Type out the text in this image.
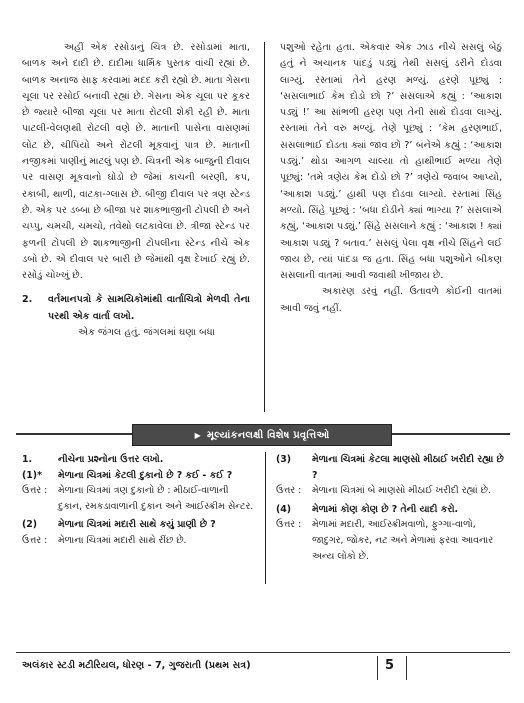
અહીં એક રસોડાનું ચિત્ર છે. રસોડામાં માતા, બાળક અને દાદી છે. દાદીમા ધાર્મિક પુસ્તક વાંચી રહ્યાં છે. બાળક અનાજ સાફ કરવામાં મદદ કરી રહ્યો છે. માતા ગેસના ચૂલા પર રસોઈ બનાવી રહ્યાં છે. ગેસના એક ચૂલા પર કૂકર છે જ્યારે બીજા ચૂલા પર માતા રોટલી શેકી રહી છે. માતા પાટલી-વેલણથી રોટલી વણે છે. માતાની પાસેના વાસણમાં લોટ છે, ચીપિયો અને રોટલી મૂકવાનું પાત્ર છે. માતાની નજીકમાં પાણીનું માટલું પણ છે. ચિત્રની એક બાજુની દીવાલ પર વાસણ મૂકવાનો ઘોડો છે જેમાં કાચની બરણી, કપ, રકાબી, થાળી, વાટકા-ગ્લાસ છે. બીજી દીવાલ પર ત્રણ સ્ટેન્ડ છે. એક પર ડબ્બા છે બીજા પર શાકભાજીની ટોપલી છે અને ચપ્પુ, ચમચી, ચમચો, તવેથો લટકાવેલા છે. ત્રીજા સ્ટેન્ડ પર ફળની ટોપલી છે શાકભાજીની ટોપલીના સ્ટેન્ડ નીચે એક ડબો છે. એ દીવાલ પર બારી છે જેમાંથી વૃક્ષ દેખાઈ રહ્યું છે. રસોડું ચોખ્ખું છે.

2.	વર્તમાનપત્રો કે સામયિકોમાંથી વાર્તાચિત્રો મેળવી તેના પરથી એક વાર્તા લખો.

એક જંગલ હતું. જંગલમાં ઘણા બધા

પશુઓ રહેતા હતા. એકવાર એક ઝાડ નીચે સસલું બેઠું હતું ને અચાનક પાંદડું પડ્યું તેથી સસલું ડરીને દોડવા લાગ્યું. રસ્તામાં તેને હરણ મળ્યું. હરણે પૂછ્યું : ‘સસલાભાઈ કેમ દોડો છો ?’ સસલાએ કહ્યું : ‘આકાશ પડ્યું !’ આ સાંભળી હરણ પણ તેની સાથે દોડવા લાગ્યું. રસ્તામાં તેને વરુ મળ્યું. તેણે પૂછ્યું : ‘કેમ હરણભાઈ, સસલાભાઈ દોડતા ક્યાં જાવ છો ?’ બંનેએ કહ્યું : ‘આકાશ પડ્યું.’ થોડા આગળ ચાલ્યા તો હાથીભાઈ મળ્યા તેણે પૂછ્યું: ‘તમે ત્રણેય કેમ દોડો છો ?’ ત્રણેયે જવાબ આપ્યો, ‘આકાશ પડ્યું.’ હાથી પણ દોડવા લાગ્યો. રસ્તામાં સિંહ મળ્યો. સિંહે પૂછ્યું : ‘બધા દોડીને ક્યાં ભાગ્યા ?’ સસલાએ કહ્યું, ‘આકાશ પડ્યું.’ સિંહે સસલાને કહ્યું : ‘આકાશ ! ક્યાં આકાશ પડ્યું ? બતાવ.’ સસલું પેલા વૃક્ષ નીચે સિંહને લઈ જાય છે, ત્યાં પાંદડા જ હતા. સિંહ બધા પશુઓને બીકણ સસલાની વાતમાં આવી જવાથી ખીજાય છે.

અકારણ ડરવું નહીં. ઉતાવળે કોઈની વાતમાં આવી જવું નહીં.

▶ મૂલ્યાંકનલક્ષી વિશેષ પ્રવૃત્તિઓ
1.	નીચેના પ્રશ્નોના ઉત્તર લખો.
(1)*	મેળાના ચિત્રમાં કેટલી દુકાનો છે ? કઈ - કઈ ?
ઉત્તર :	મેળાના ચિત્રમાં ત્રણ દુકાનો છે : મીઠાઈ-વાળાની દુકાન, રમકડાવાળાની દુકાન અને આઈસ્ક્રીમ સેન્ટર.
(2)	મેળાના ચિત્રમાં મદારી સાથે કયું પ્રાણી છે ?
ઉત્તર :	મેળાના ચિત્રમાં મદારી સાથે રીંછ છે.
(3)	મેળાના ચિત્રમાં કેટલા માણસો મીઠાઈ ખરીદી રહ્યા છે ?
ઉત્તર :	મેળાના ચિત્રમાં બે માણસો મીઠાઈ ખરીદી રહ્યાં છે.
(4)	મેળામાં કોણ કોણ છે ? તેની યાદી કરો.
ઉત્તર :	મેળામાં મદારી, આઈસ્ક્રીમવાળો, ફુગ્ગા-વાળો, જાદુગર, જોકર, નટ અને મેળામાં ફરવા આવનાર અન્ય લોકો છે.
અલંકાર સ્ટડી મટીરિયલ, ધોરણ - 7, ગુજરાતી (પ્રથમ સત્ર)	5
